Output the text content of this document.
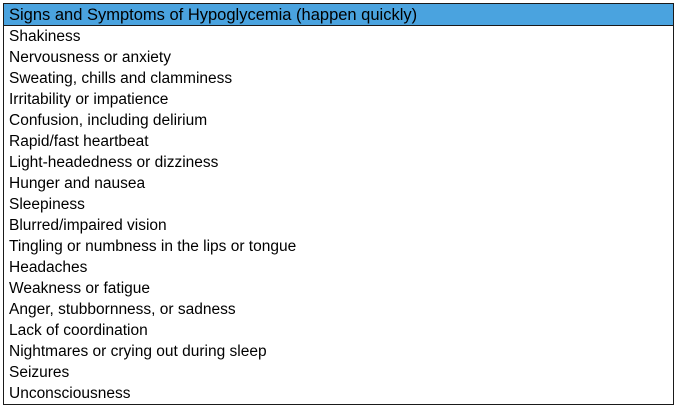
Signs and Symptoms of Hypoglycemia (happen quickly)
Shakiness
Nervousness or anxiety
Sweating, chills and clamminess
Irritability or impatience
Confusion, including delirium
Rapid/fast heartbeat
Light-headedness or dizziness
Hunger and nausea
Sleepiness
Blurred/impaired vision
Tingling or numbness in the lips or tongue
Headaches
Weakness or fatigue
Anger, stubbornness, or sadness
Lack of coordination
Nightmares or crying out during sleep
Seizures
Unconsciousness
